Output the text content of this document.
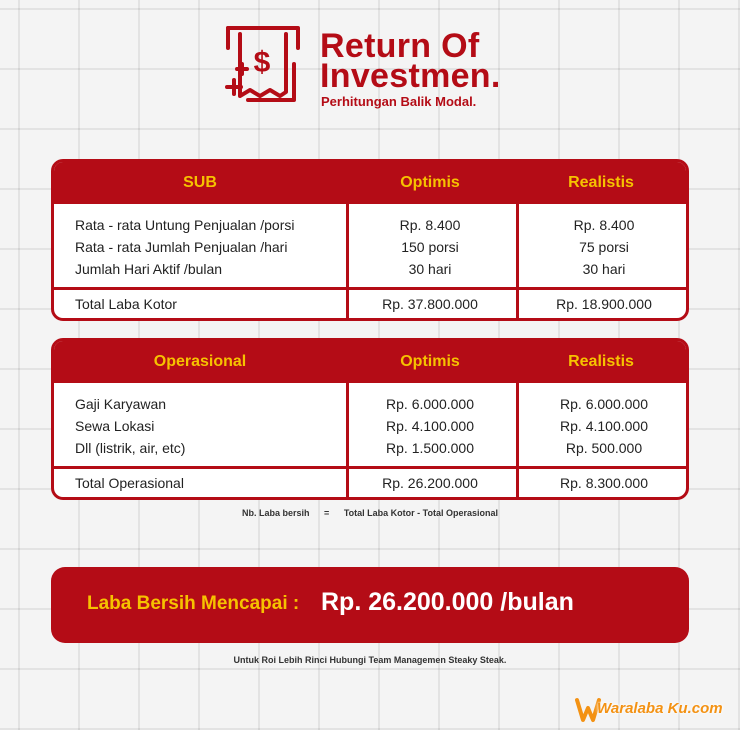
$ Return Of
Investmen.
Perhitungan Balik Modal.
SUB	Optimis	Realistis
Rata - rata Untung Penjualan /porsi	Rp. 8.400	Rp. 8.400
Rata - rata Jumlah Penjualan /hari	150 porsi	75 porsi
Jumlah Hari Aktif /bulan	30 hari	30 hari
Total Laba Kotor	Rp. 37.800.000	Rp. 18.900.000
Operasional	Optimis	Realistis
Gaji Karyawan	Rp. 6.000.000	Rp. 6.000.000
Sewa Lokasi	Rp. 4.100.000	Rp. 4.100.000
Dll (listrik, air, etc)	Rp. 1.500.000	Rp. 500.000
Total Operasional	Rp. 26.200.000	Rp. 8.300.000
Nb. Laba bersih = Total Laba Kotor - Total Operasional
Laba Bersih Mencapai : Rp. 26.200.000 /bulan
Untuk Roi Lebih Rinci Hubungi Team Managemen Steaky Steak.
Waralaba Ku.com
